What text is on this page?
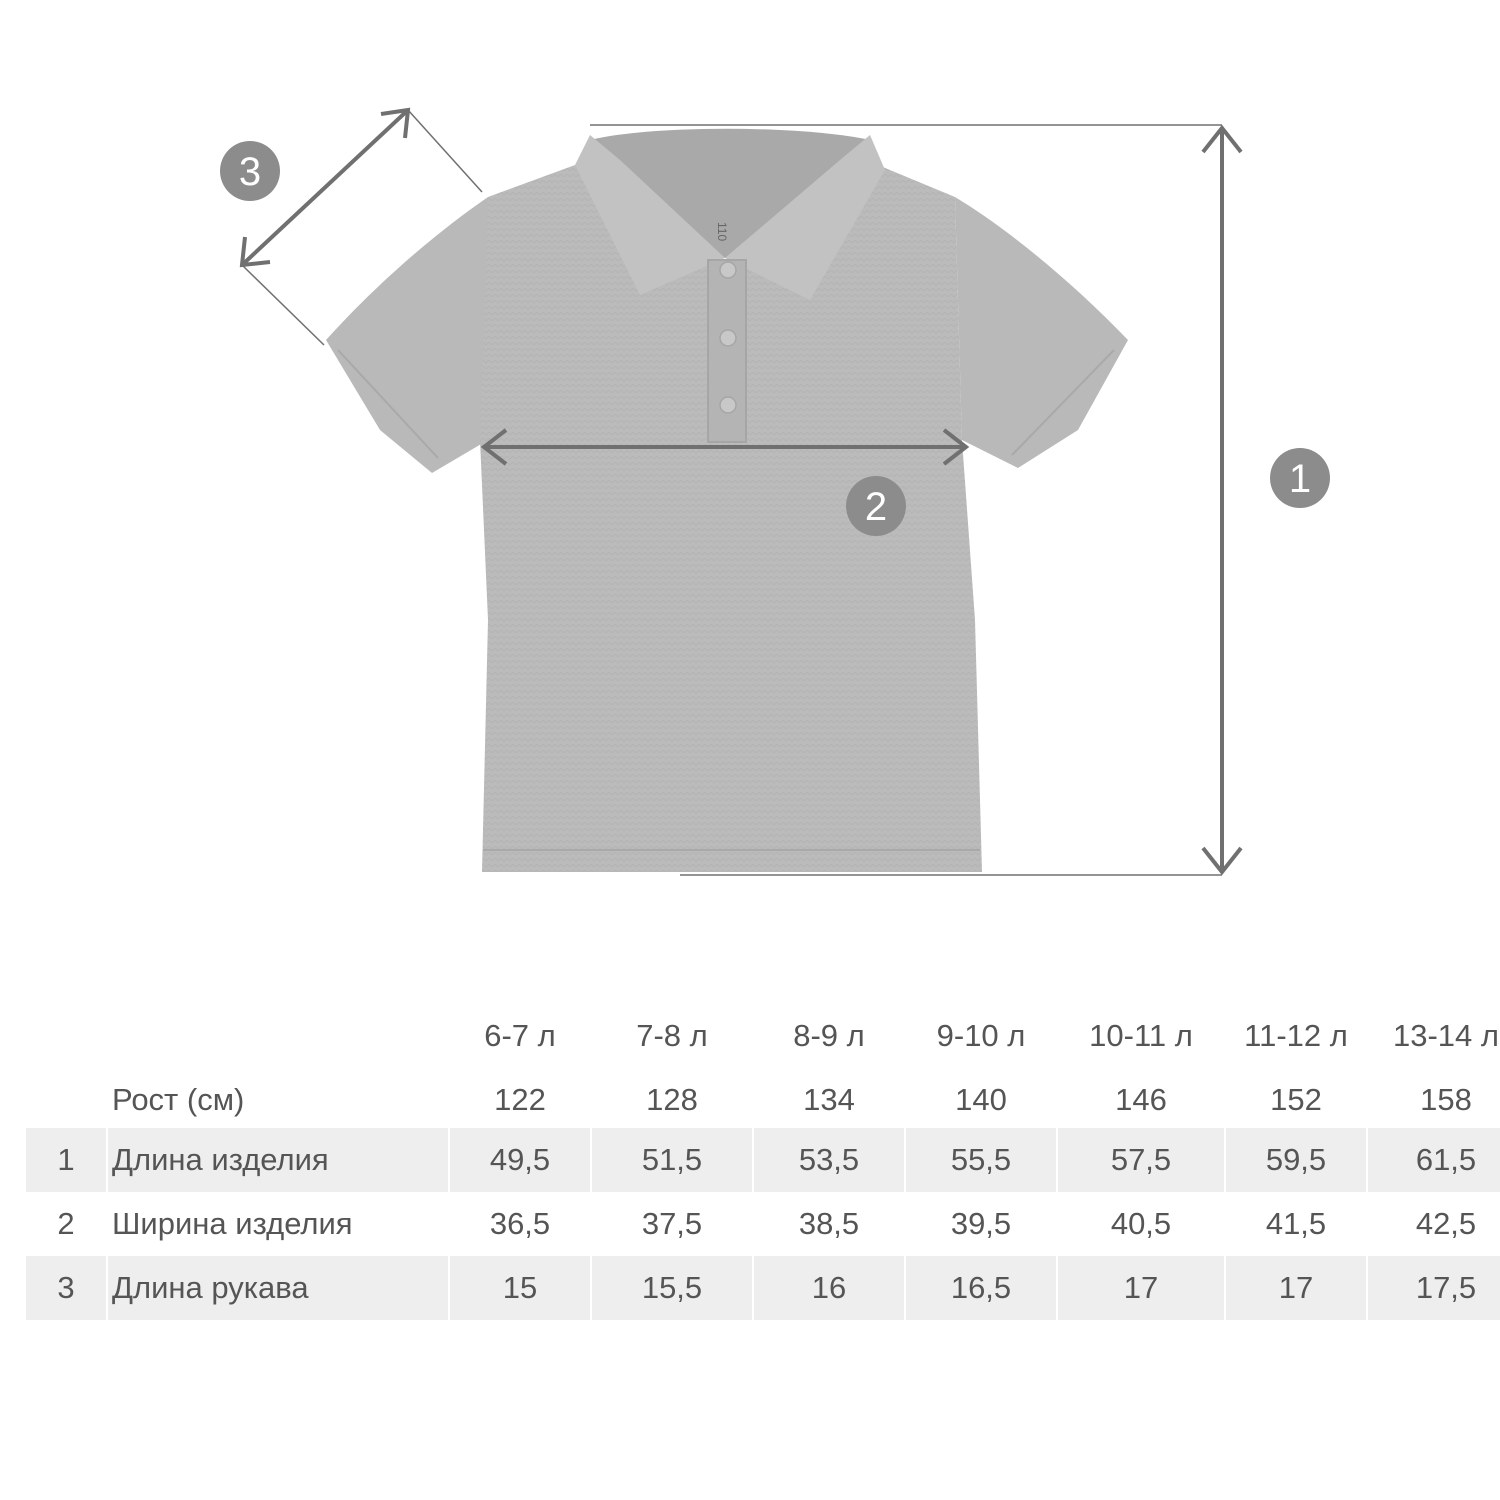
110
1
2
3
		6-7 л	7-8 л	8-9 л	9-10 л	10-11 л	11-12 л	13-14 л
	Рост (см)	122	128	134	140	146	152	158
1	Длина изделия	49,5	51,5	53,5	55,5	57,5	59,5	61,5
2	Ширина изделия	36,5	37,5	38,5	39,5	40,5	41,5	42,5
3	Длина рукава	15	15,5	16	16,5	17	17	17,5
